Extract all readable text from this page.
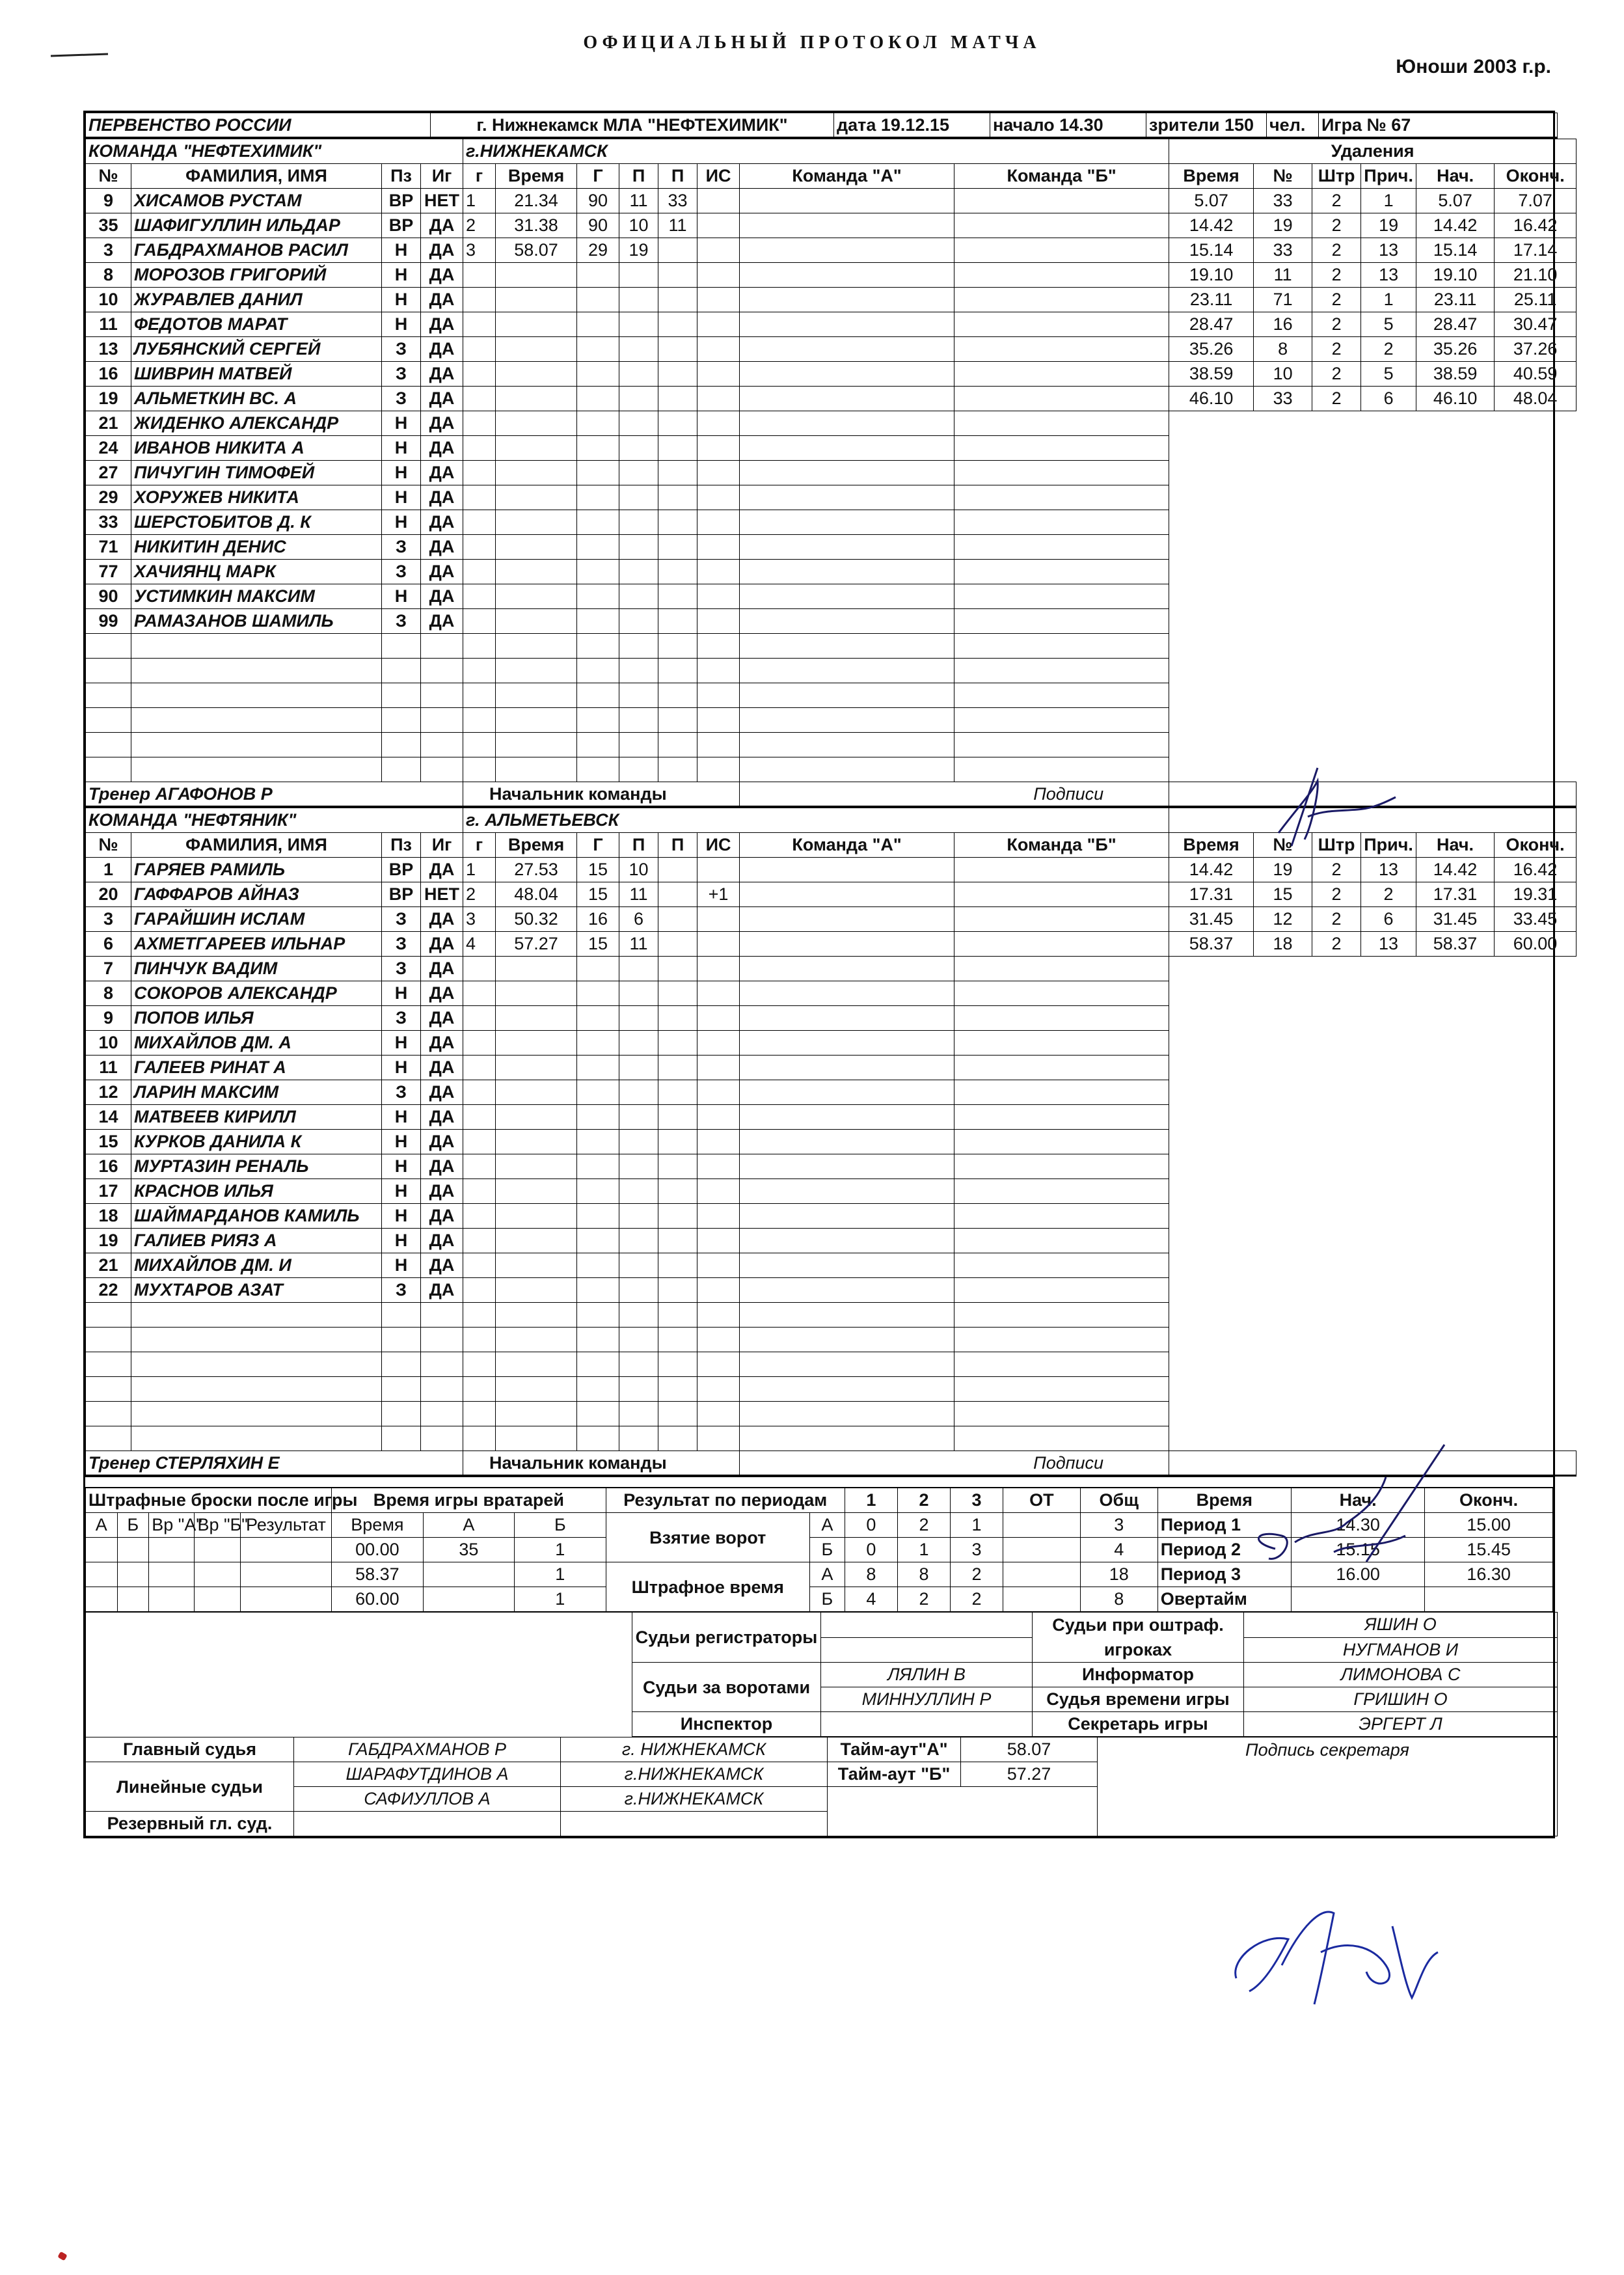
ОФИЦИАЛЬНЫЙ ПРОТОКОЛ МАТЧА
Юноши 2003 г.р.
ПЕРВЕНСТВО РОССИИ	г. Нижнекамск МЛА "НЕФТЕХИМИК"	дата 19.12.15	начало 14.30	зрители 150	чел.	Игра № 67
КОМАНДА "НЕФТЕХИМИК"				г.НИЖНЕКАМСК								Удаления					
№	ФАМИЛИЯ, ИМЯ	Пз	Иг	г	Время	Г	П	П	ИС	Команда "А"	Команда "Б"	Время	№	Штр	Прич.	Нач.	Оконч.
9	ХИСАМОВ РУСТАМ	ВР	НЕТ	1	21.34	90	11	33				5.07	33	2	1	5.07	7.07
35	ШАФИГУЛЛИН ИЛЬДАР	ВР	ДА	2	31.38	90	10	11				14.42	19	2	19	14.42	16.42
3	ГАБДРАХМАНОВ РАСИЛ	Н	ДА	3	58.07	29	19					15.14	33	2	13	15.14	17.14
8	МОРОЗОВ ГРИГОРИЙ	Н	ДА									19.10	11	2	13	19.10	21.10
10	ЖУРАВЛЕВ ДАНИЛ	Н	ДА									23.11	71	2	1	23.11	25.11
11	ФЕДОТОВ МАРАТ	Н	ДА									28.47	16	2	5	28.47	30.47
13	ЛУБЯНСКИЙ СЕРГЕЙ	З	ДА									35.26	8	2	2	35.26	37.26
16	ШИВРИН МАТВЕЙ	З	ДА									38.59	10	2	5	38.59	40.59
19	АЛЬМЕТКИН ВС. А	З	ДА									46.10	33	2	6	46.10	48.04
21	ЖИДЕНКО АЛЕКСАНДР	Н	ДА														
24	ИВАНОВ НИКИТА А	Н	ДА														
27	ПИЧУГИН ТИМОФЕЙ	Н	ДА														
29	ХОРУЖЕВ НИКИТА	Н	ДА														
33	ШЕРСТОБИТОВ Д. К	Н	ДА														
71	НИКИТИН ДЕНИС	З	ДА														
77	ХАЧИЯНЦ МАРК	З	ДА														
90	УСТИМКИН МАКСИМ	Н	ДА														
99	РАМАЗАНОВ ШАМИЛЬ	З	ДА														

Тренер АГАФОНОВ Р				Начальник команды						Подписи							
КОМАНДА "НЕФТЯНИК"				г. АЛЬМЕТЬЕВСК													
№	ФАМИЛИЯ, ИМЯ	Пз	Иг	г	Время	Г	П	П	ИС	Команда "А"	Команда "Б"	Время	№	Штр	Прич.	Нач.	Оконч.
1	ГАРЯЕВ РАМИЛЬ	ВР	ДА	1	27.53	15	10					14.42	19	2	13	14.42	16.42
20	ГАФФАРОВ АЙНАЗ	ВР	НЕТ	2	48.04	15	11		+1			17.31	15	2	2	17.31	19.31
3	ГАРАЙШИН ИСЛАМ	З	ДА	3	50.32	16	6					31.45	12	2	6	31.45	33.45
6	АХМЕТГАРЕЕВ ИЛЬНАР	З	ДА	4	57.27	15	11					58.37	18	2	13	58.37	60.00
7	ПИНЧУК ВАДИМ	З	ДА														
8	СОКОРОВ АЛЕКСАНДР	Н	ДА														
9	ПОПОВ ИЛЬЯ	З	ДА														
10	МИХАЙЛОВ ДМ. А	Н	ДА														
11	ГАЛЕЕВ РИНАТ А	Н	ДА														
12	ЛАРИН МАКСИМ	З	ДА														
14	МАТВЕЕВ КИРИЛЛ	Н	ДА														
15	КУРКОВ ДАНИЛА К	Н	ДА														
16	МУРТАЗИН РЕНАЛЬ	Н	ДА														
17	КРАСНОВ ИЛЬЯ	Н	ДА														
18	ШАЙМАРДАНОВ КАМИЛЬ	Н	ДА														
19	ГАЛИЕВ РИЯЗ А	Н	ДА														
21	МИХАЙЛОВ ДМ. И	Н	ДА														
22	МУХТАРОВ АЗАТ	З	ДА														

Тренер СТЕРЛЯХИН Е				Начальник команды						Подписи							
Штрафные броски после игры					Время игры вратарей			Результат по периодам		1	2	3	ОТ	Общ	Время	Нач.	Оконч.
А	Б	Вр "А"	Вр "Б"	Результат	Время	А	Б	Взятие ворот	А	0	2	1		3	Период 1	14.30	15.00
					00.00	35	1		Б	0	1	3		4	Период 2	15.15	15.45
					58.37		1	Штрафное время	А	8	8	2		18	Период 3	16.00	16.30
					60.00		1		Б	4	2	2		8	Овертайм		
	Судьи регистраторы		Судьи при оштраф. игроках	ЯШИН О
				НУГМАНОВ И
	Судьи за воротами	ЛЯЛИН В	Информатор	ЛИМОНОВА С
		МИННУЛЛИН Р	Судья времени игры	ГРИШИН О
	Инспектор		Секретарь игры	ЭРГЕРТ Л
Главный судья	ГАБДРАХМАНОВ Р	г. НИЖНЕКАМСК	Тайм-аут"А"	58.07	Подпись секретаря
Линейные судьи	ШАРАФУТДИНОВ А	г.НИЖНЕКАМСК	Тайм-аут "Б"	57.27	
	САФИУЛЛОВ А	г.НИЖНЕКАМСК			
Резервный гл. суд.					
